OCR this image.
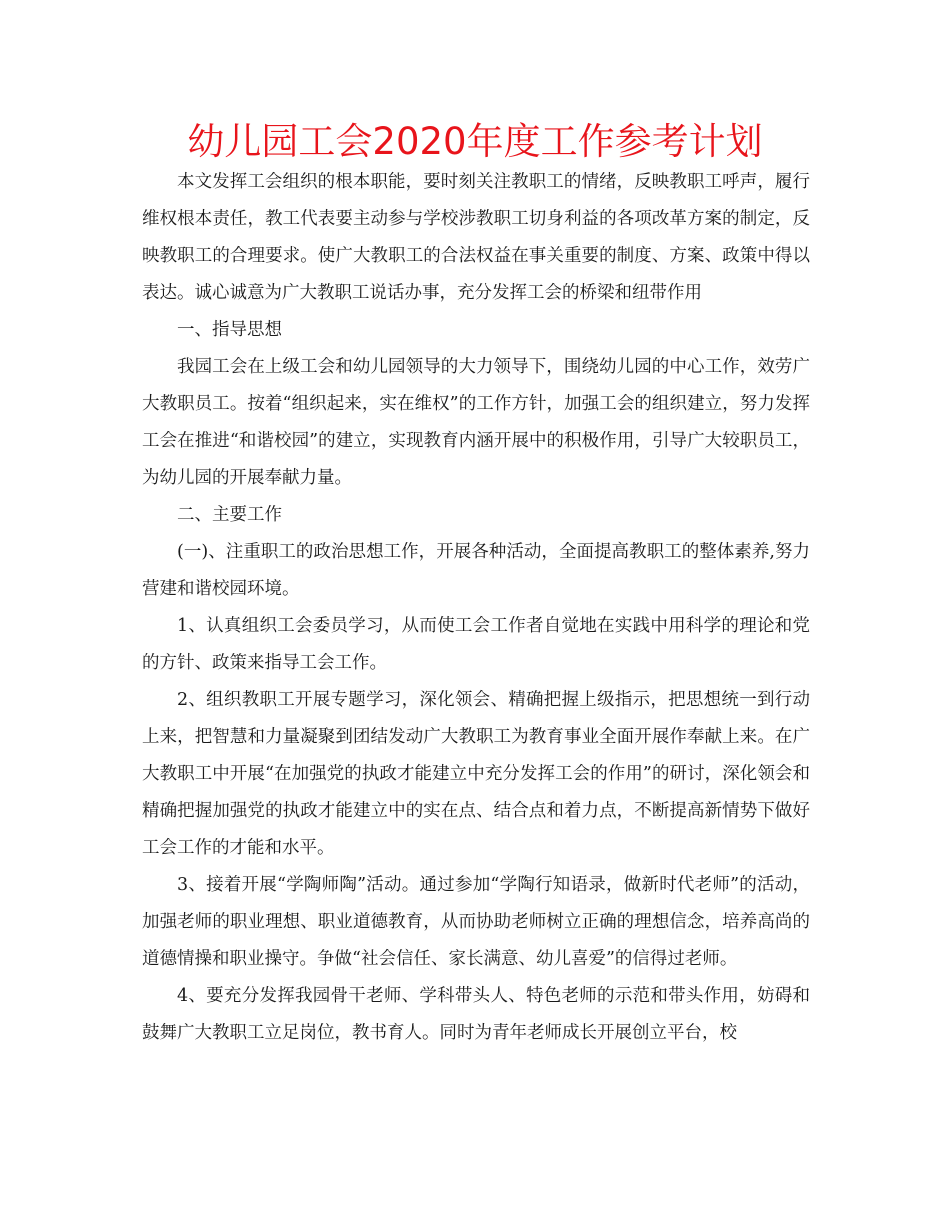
幼儿园工会2020年度工作参考计划

本文发挥工会组织的根本职能，要时刻关注教职工的情绪，反映教职工呼声，履行维权根本责任，教工代表要主动参与学校涉教职工切身利益的各项改革方案的制定，反映教职工的合理要求。使广大教职工的合法权益在事关重要的制度、方案、政策中得以表达。诚心诚意为广大教职工说话办事，充分发挥工会的桥梁和纽带作用

一、指导思想

我园工会在上级工会和幼儿园领导的大力领导下，围绕幼儿园的中心工作，效劳广大教职员工。按着“组织起来，实在维权”的工作方针，加强工会的组织建立，努力发挥工会在推进“和谐校园”的建立，实现教育内涵开展中的积极作用，引导广大较职员工，为幼儿园的开展奉献力量。

二、主要工作

(一)、注重职工的政治思想工作，开展各种活动，全面提高教职工的整体素养,努力营建和谐校园环境。

1、认真组织工会委员学习，从而使工会工作者自觉地在实践中用科学的理论和党的方针、政策来指导工会工作。

2、组织教职工开展专题学习，深化领会、精确把握上级指示，把思想统一到行动上来，把智慧和力量凝聚到团结发动广大教职工为教育事业全面开展作奉献上来。在广大教职工中开展“在加强党的执政才能建立中充分发挥工会的作用”的研讨，深化领会和精确把握加强党的执政才能建立中的实在点、结合点和着力点，不断提高新情势下做好工会工作的才能和水平。

3、接着开展“学陶师陶”活动。通过参加“学陶行知语录，做新时代老师”的活动，加强老师的职业理想、职业道德教育，从而协助老师树立正确的理想信念，培养高尚的道德情操和职业操守。争做“社会信任、家长满意、幼儿喜爱”的信得过老师。

4、要充分发挥我园骨干老师、学科带头人、特色老师的示范和带头作用，妨碍和鼓舞广大教职工立足岗位，教书育人。同时为青年老师成长开展创立平台，校
